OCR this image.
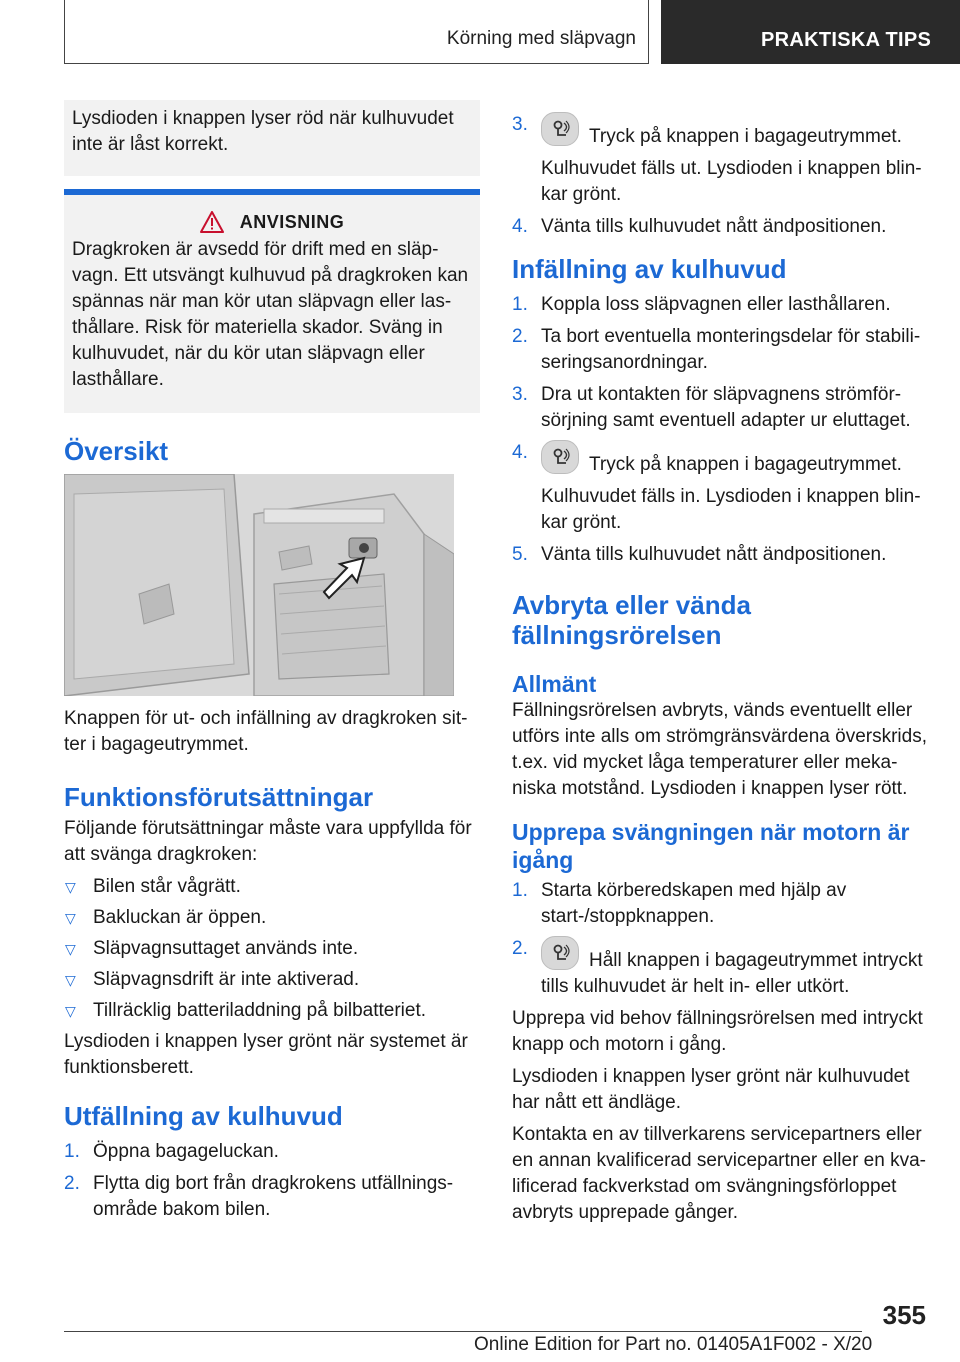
Körning med släpvagn	PRAKTISKA TIPS
Lysdioden i knappen lyser röd när kulhuvudet inte är låst korrekt.
ANVISNING
Dragkroken är avsedd för drift med en släpvagn. Ett utsvängt kulhuvud på dragkroken kan spännas när man kör utan släpvagn eller lasthållare. Risk för materiella skador. Sväng in kulhuvudet, när du kör utan släpvagn eller lasthållare.
Översikt

Knappen för ut- och infällning av dragkroken sitter i bagageutrymmet.

Funktionsförutsättningar

Följande förutsättningar måste vara uppfyllda för att svänga dragkroken:

▽ Bilen står vågrätt.
▽ Bakluckan är öppen.
▽ Släpvagnsuttaget används inte.
▽ Släpvagnsdrift är inte aktiverad.
▽ Tillräcklig batteriladdning på bilbatteriet.

Lysdioden i knappen lyser grönt när systemet är funktionsberett.

Utfällning av kulhuvud
1. Öppna bagageluckan.
2. Flytta dig bort från dragkrokens utfällningsområde bakom bilen.
3.
Tryck på knappen i bagageutrymmet.
Kulhuvudet fälls ut. Lysdioden i knappen blinkar grönt.
4. Vänta tills kulhuvudet nått ändpositionen.
Infällning av kulhuvud
1. Koppla loss släpvagnen eller lasthållaren.
2. Ta bort eventuella monteringsdelar för stabiliseringsanordningar.
3. Dra ut kontakten för släpvagnens strömförsörjning samt eventuell adapter ur eluttaget.
4.
Tryck på knappen i bagageutrymmet.
Kulhuvudet fälls in. Lysdioden i knappen blinkar grönt.
5. Vänta tills kulhuvudet nått ändpositionen.
Avbryta eller vända fällningsrörelsen
Allmänt

Fällningsrörelsen avbryts, vänds eventuellt eller utförs inte alls om strömgränsvärdena överskrids, t.ex. vid mycket låga temperaturer eller mekaniska motstånd. Lysdioden i knappen lyser rött.

Upprepa svängningen när motorn är igång
1. Starta körberedskapen med hjälp av start-/stoppknappen.
2.
Håll knappen i bagageutrymmet intryckt tills kulhuvudet är helt in- eller utkört.

Upprepa vid behov fällningsrörelsen med intryckt knapp och motorn i gång.

Lysdioden i knappen lyser grönt när kulhuvudet har nått ett ändläge.

Kontakta en av tillverkarens servicepartners eller en annan kvalificerad servicepartner eller en kvalificerad fackverkstad om svängningsförloppet avbryts upprepade gånger.

355
Online Edition for Part no. 01405A1F002 - X/20
